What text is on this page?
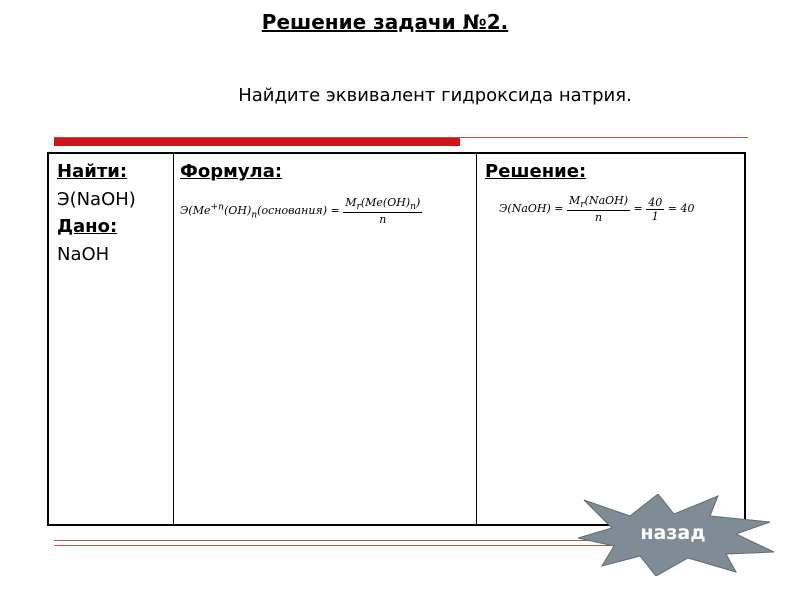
Решение задачи №2.
Найдите эквивалент гидроксида натрия.
Найти:
Э(NaOH)
Дано:
NaOH
Формула:
$Э(Me^{+n}(OH)_n(основания) = \frac{M_r(Me(OH)_n)}{n}$
Решение:
Э(NaOH) = $\frac{M_r(NaOH)}{n} = \frac{40}{1} = 40$
назад
